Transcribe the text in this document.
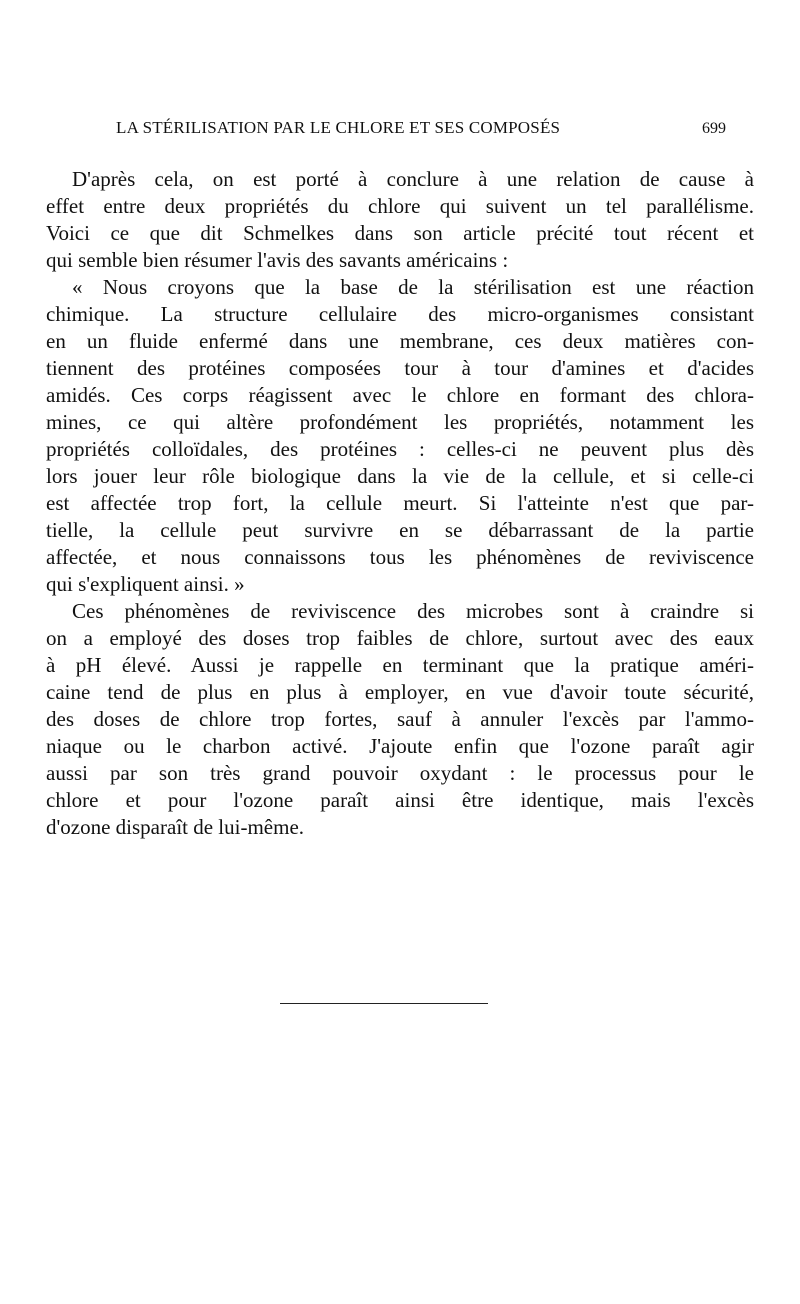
LA STÉRILISATION PAR LE CHLORE ET SES COMPOSÉS	699
D'après cela, on est porté à conclure à une relation de cause à
effet entre deux propriétés du chlore qui suivent un tel parallélisme.
Voici ce que dit Schmelkes dans son article précité tout récent et
qui semble bien résumer l'avis des savants américains :
« Nous croyons que la base de la stérilisation est une réaction
chimique. La structure cellulaire des micro-organismes consistant
en un fluide enfermé dans une membrane, ces deux matières con-
tiennent des protéines composées tour à tour d'amines et d'acides
amidés. Ces corps réagissent avec le chlore en formant des chlora-
mines, ce qui altère profondément les propriétés, notamment les
propriétés colloïdales, des protéines : celles-ci ne peuvent plus dès
lors jouer leur rôle biologique dans la vie de la cellule, et si celle-ci
est affectée trop fort, la cellule meurt. Si l'atteinte n'est que par-
tielle, la cellule peut survivre en se débarrassant de la partie
affectée, et nous connaissons tous les phénomènes de reviviscence
qui s'expliquent ainsi. »
Ces phénomènes de reviviscence des microbes sont à craindre si
on a employé des doses trop faibles de chlore, surtout avec des eaux
à pH élevé. Aussi je rappelle en terminant que la pratique améri-
caine tend de plus en plus à employer, en vue d'avoir toute sécurité,
des doses de chlore trop fortes, sauf à annuler l'excès par l'ammo-
niaque ou le charbon activé. J'ajoute enfin que l'ozone paraît agir
aussi par son très grand pouvoir oxydant : le processus pour le
chlore et pour l'ozone paraît ainsi être identique, mais l'excès
d'ozone disparaît de lui-même.
